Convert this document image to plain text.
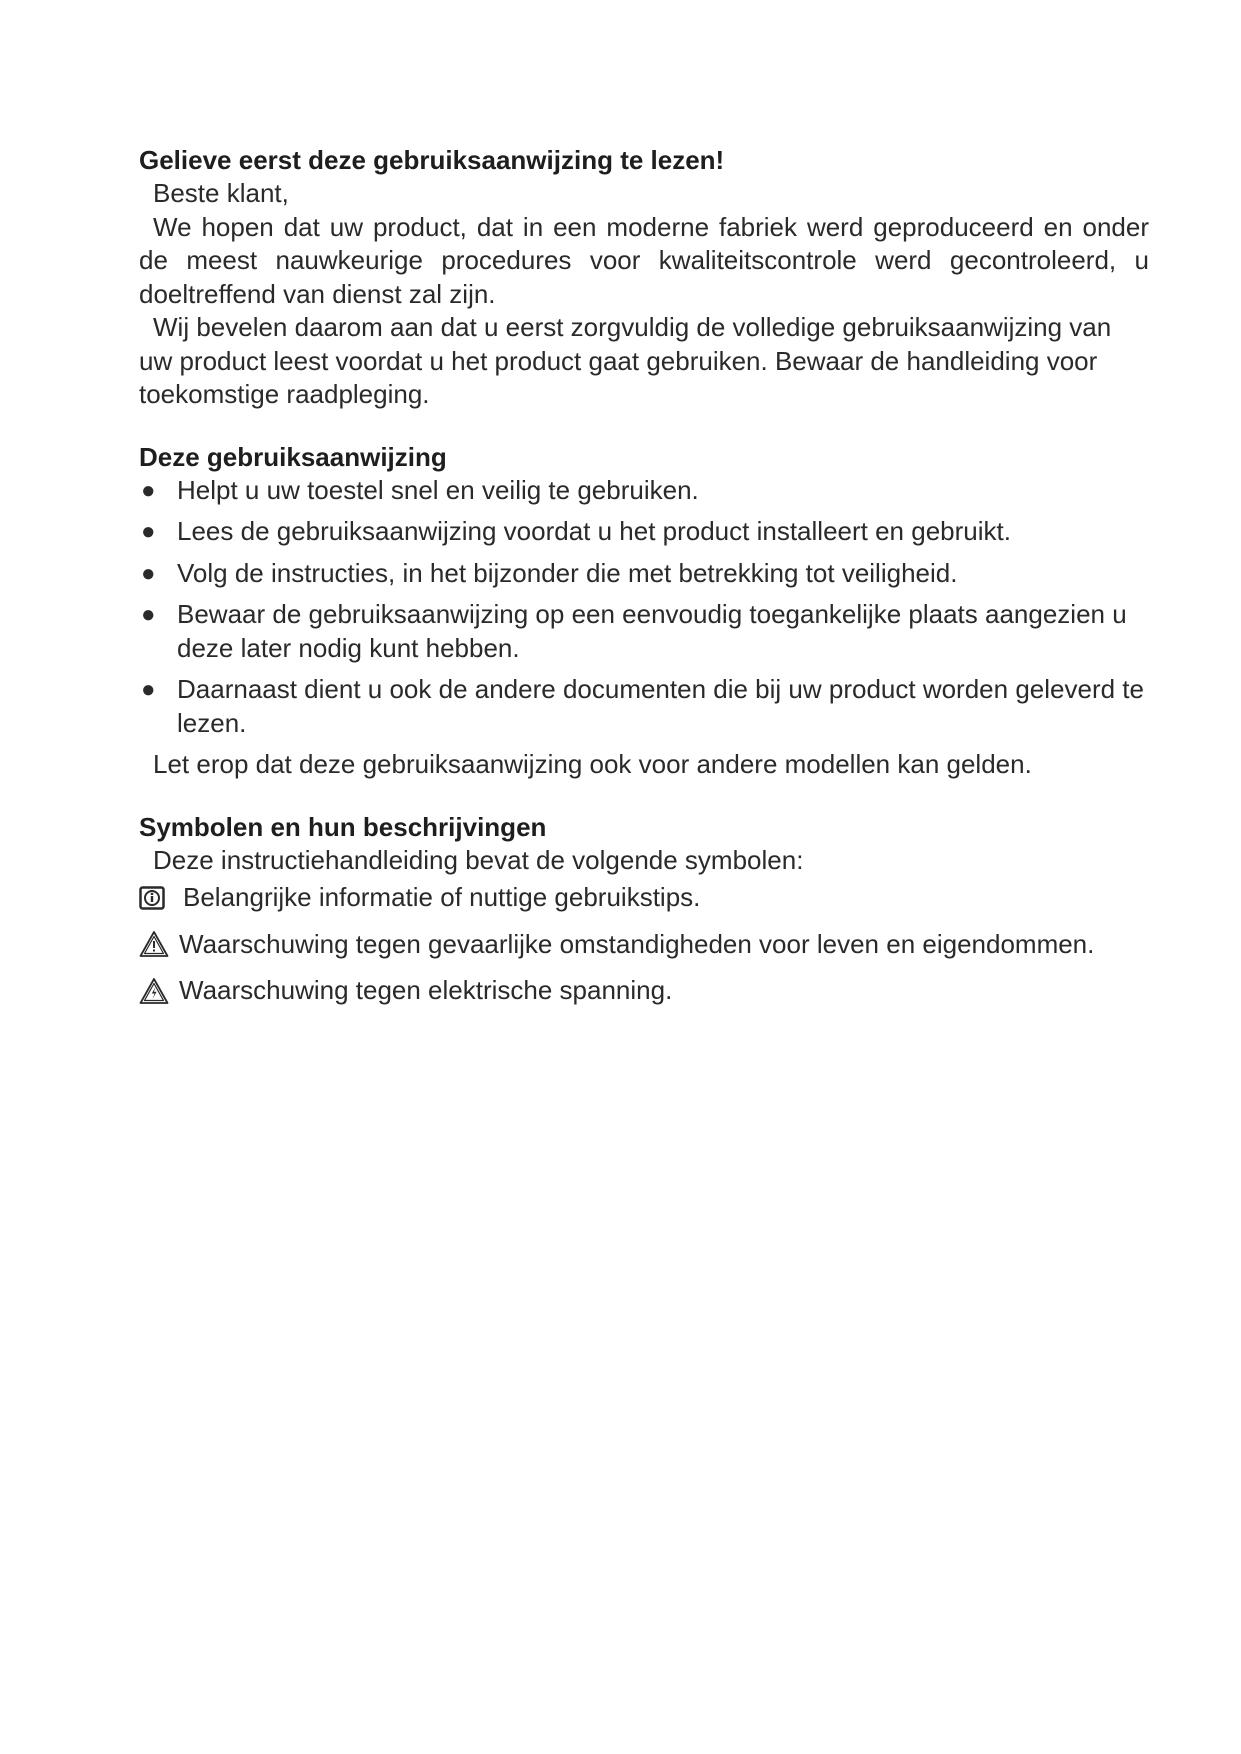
Gelieve eerst deze gebruiksaanwijzing te lezen!

Beste klant,

We hopen dat uw product, dat in een moderne fabriek werd geproduceerd en onder de meest nauwkeurige procedures voor kwaliteitscontrole werd gecontroleerd, u doeltreffend van dienst zal zijn.

Wij bevelen daarom aan dat u eerst zorgvuldig de volledige gebruiksaanwijzing van uw product leest voordat u het product gaat gebruiken. Bewaar de handleiding voor toekomstige raadpleging.

Deze gebruiksaanwijzing
● Helpt u uw toestel snel en veilig te gebruiken.
● Lees de gebruiksaanwijzing voordat u het product installeert en gebruikt.
● Volg de instructies, in het bijzonder die met betrekking tot veiligheid.
● Bewaar de gebruiksaanwijzing op een eenvoudig toegankelijke plaats aangezien u deze later nodig kunt hebben.
● Daarnaast dient u ook de andere documenten die bij uw product worden geleverd te lezen.

Let erop dat deze gebruiksaanwijzing ook voor andere modellen kan gelden.

Symbolen en hun beschrijvingen

Deze instructiehandleiding bevat de volgende symbolen:

Belangrijke informatie of nuttige gebruikstips.
Waarschuwing tegen gevaarlijke omstandigheden voor leven en eigendommen.
Waarschuwing tegen elektrische spanning.
